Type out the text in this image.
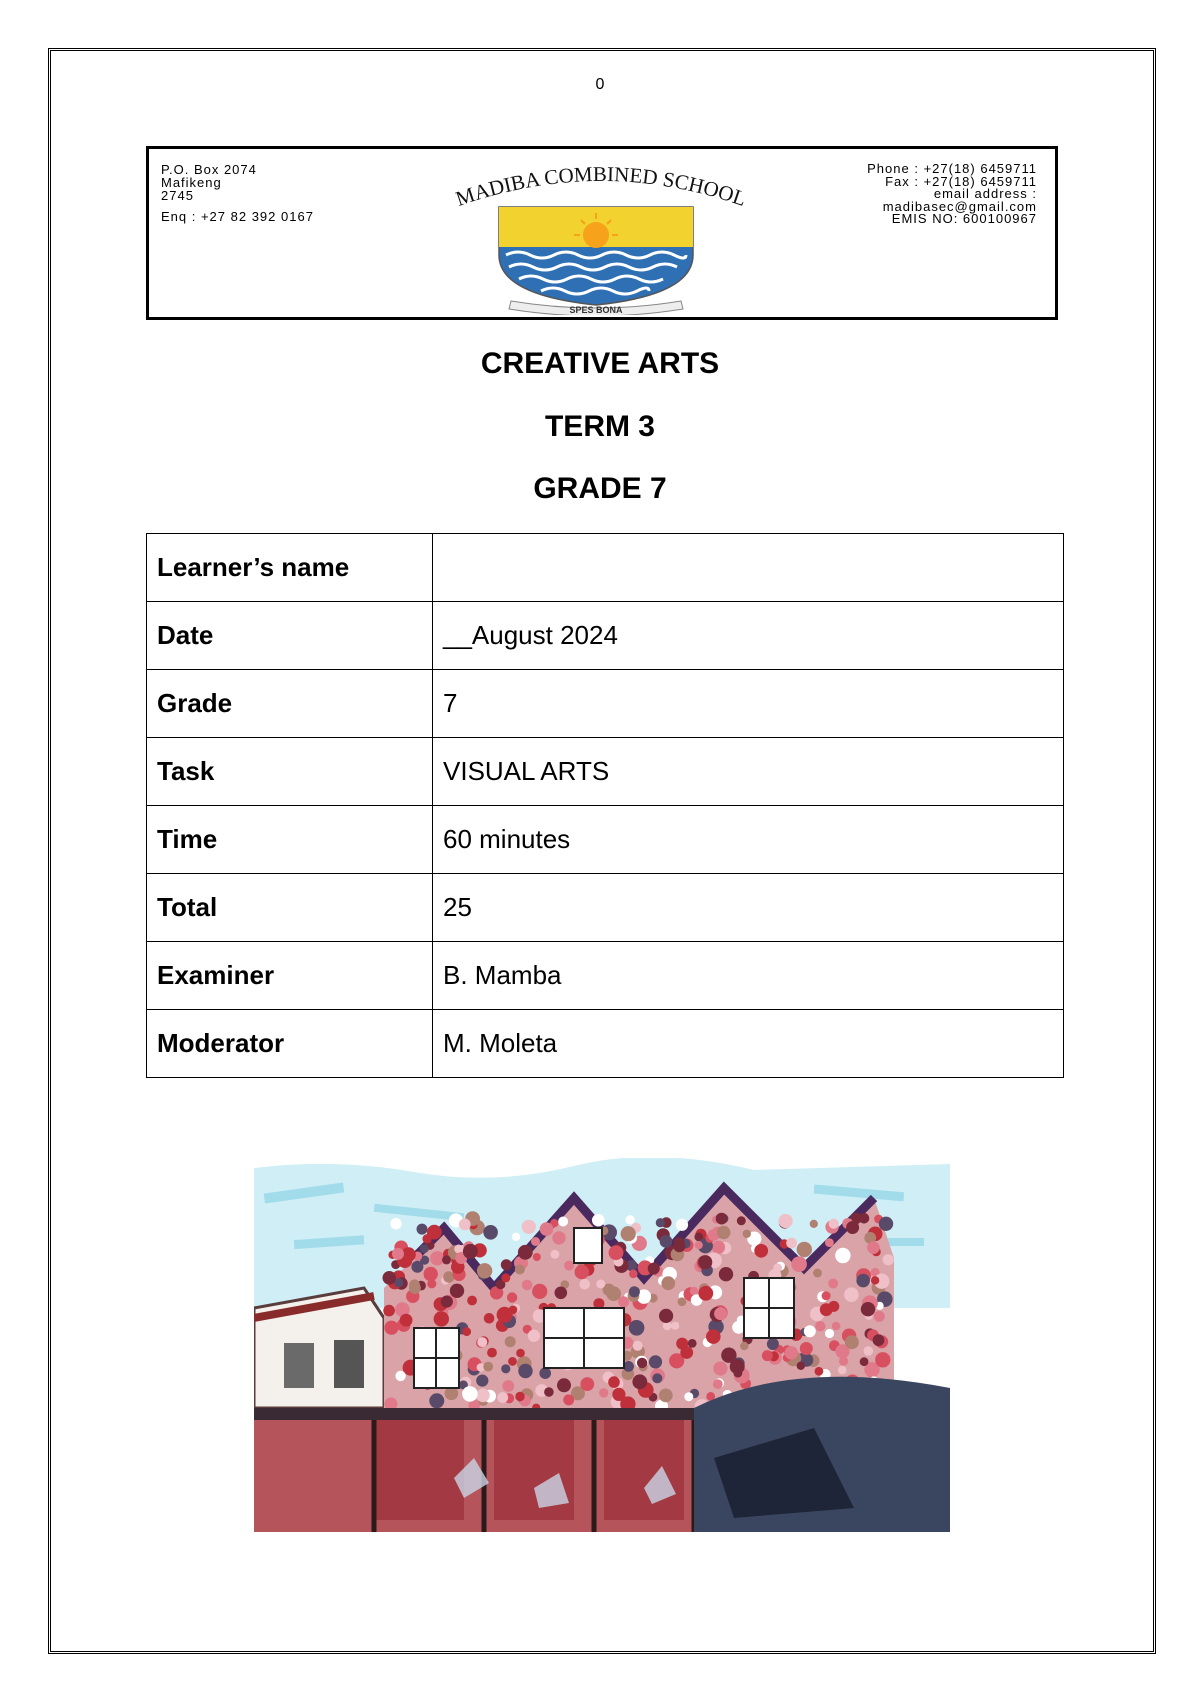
0
P.O. Box 2074
Mafikeng
2745
Enq : +27 82 392 0167
MADIBA COMBINED SCHOOL
SPES BONA
Phone : +27(18) 6459711
Fax : +27(18) 6459711
email address :
madibasec@gmail.com
EMIS NO: 600100967
CREATIVE ARTS
TERM 3
GRADE 7
Learner’s name	
Date	__August 2024
Grade	7
Task	VISUAL ARTS
Time	60 minutes
Total	25
Examiner	B. Mamba
Moderator	M. Moleta
